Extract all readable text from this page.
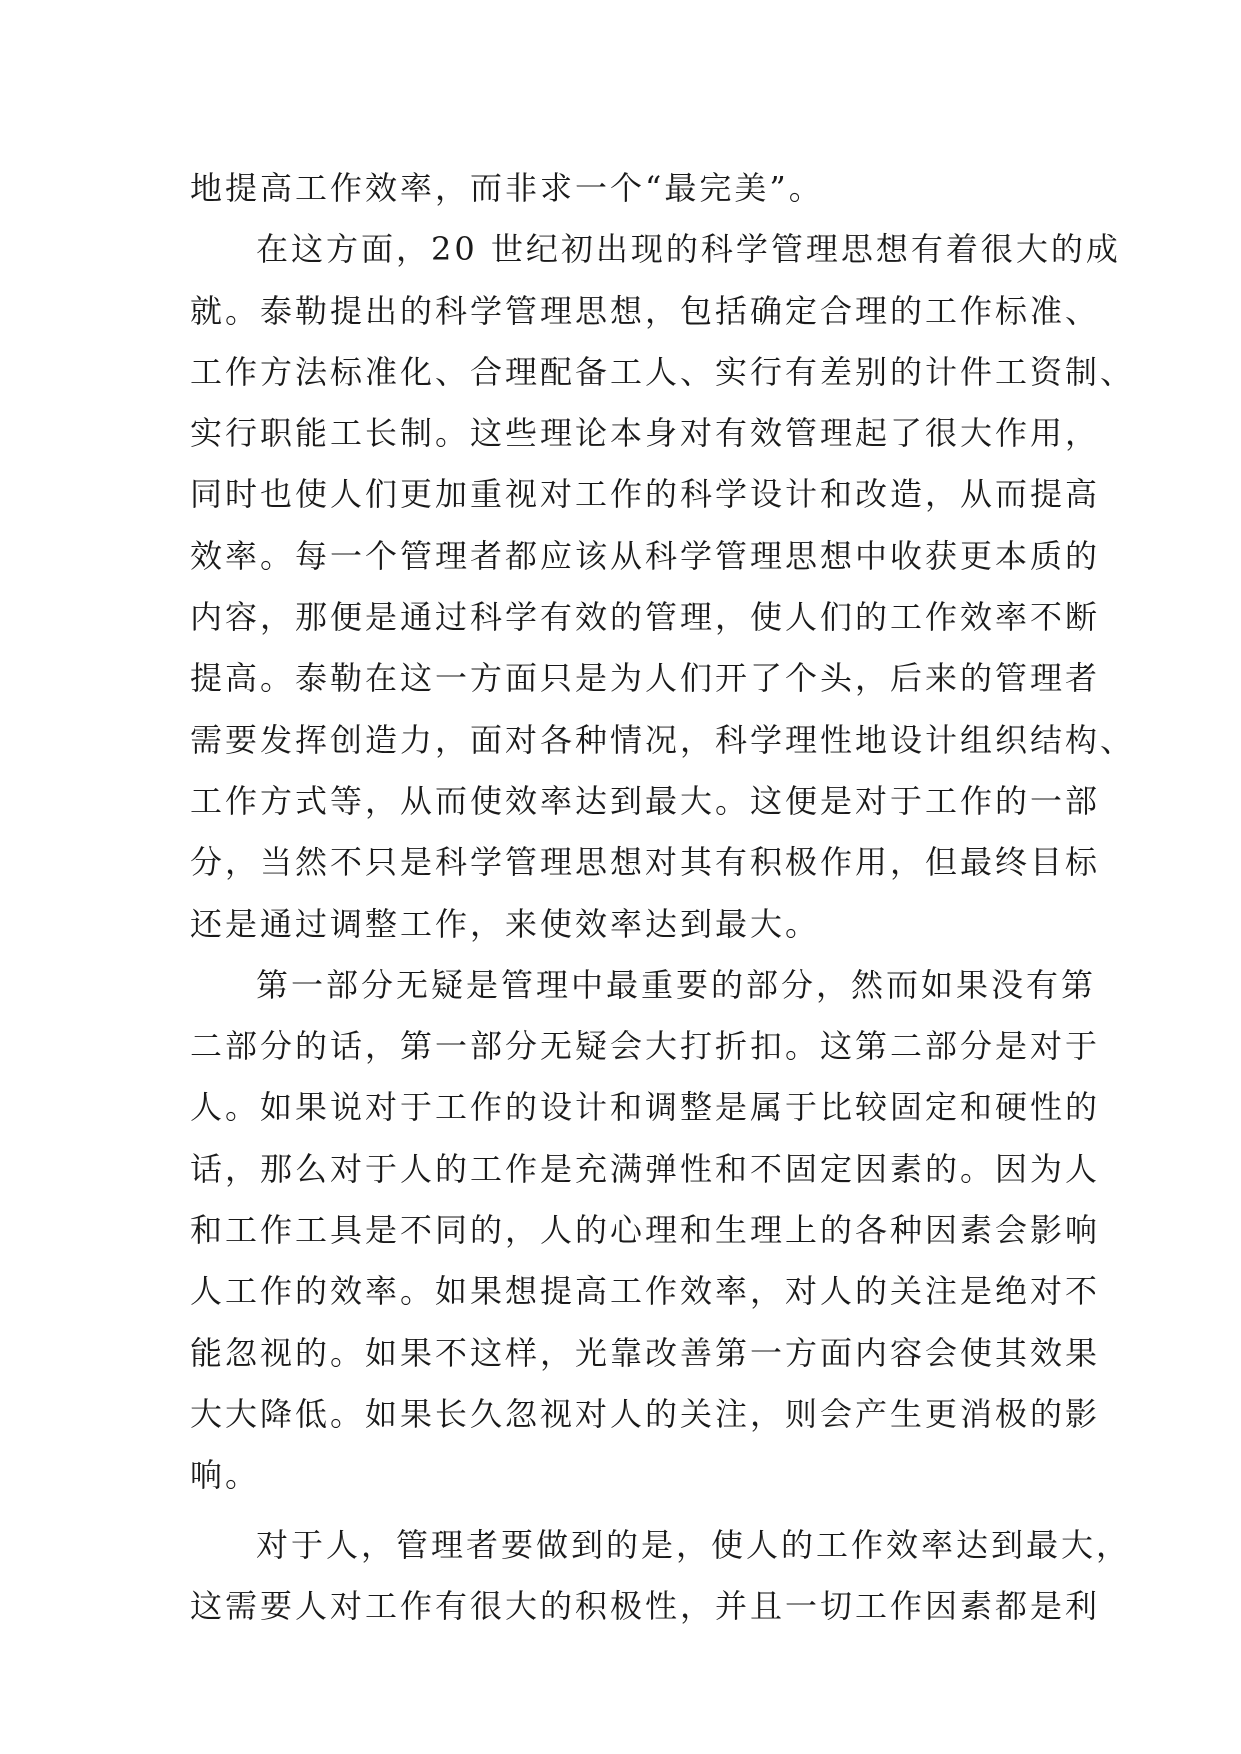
地提高工作效率，而非求一个“最完美”。
在这方面，20 世纪初出现的科学管理思想有着很大的成
就。泰勒提出的科学管理思想，包括确定合理的工作标准、
工作方法标准化、合理配备工人、实行有差别的计件工资制、
实行职能工长制。这些理论本身对有效管理起了很大作用，
同时也使人们更加重视对工作的科学设计和改造，从而提高
效率。每一个管理者都应该从科学管理思想中收获更本质的
内容，那便是通过科学有效的管理，使人们的工作效率不断
提高。泰勒在这一方面只是为人们开了个头，后来的管理者
需要发挥创造力，面对各种情况，科学理性地设计组织结构、
工作方式等，从而使效率达到最大。这便是对于工作的一部
分，当然不只是科学管理思想对其有积极作用，但最终目标
还是通过调整工作，来使效率达到最大。
第一部分无疑是管理中最重要的部分，然而如果没有第
二部分的话，第一部分无疑会大打折扣。这第二部分是对于
人。如果说对于工作的设计和调整是属于比较固定和硬性的
话，那么对于人的工作是充满弹性和不固定因素的。因为人
和工作工具是不同的，人的心理和生理上的各种因素会影响
人工作的效率。如果想提高工作效率，对人的关注是绝对不
能忽视的。如果不这样，光靠改善第一方面内容会使其效果
大大降低。如果长久忽视对人的关注，则会产生更消极的影
响。
对于人，管理者要做到的是，使人的工作效率达到最大，
这需要人对工作有很大的积极性，并且一切工作因素都是利
